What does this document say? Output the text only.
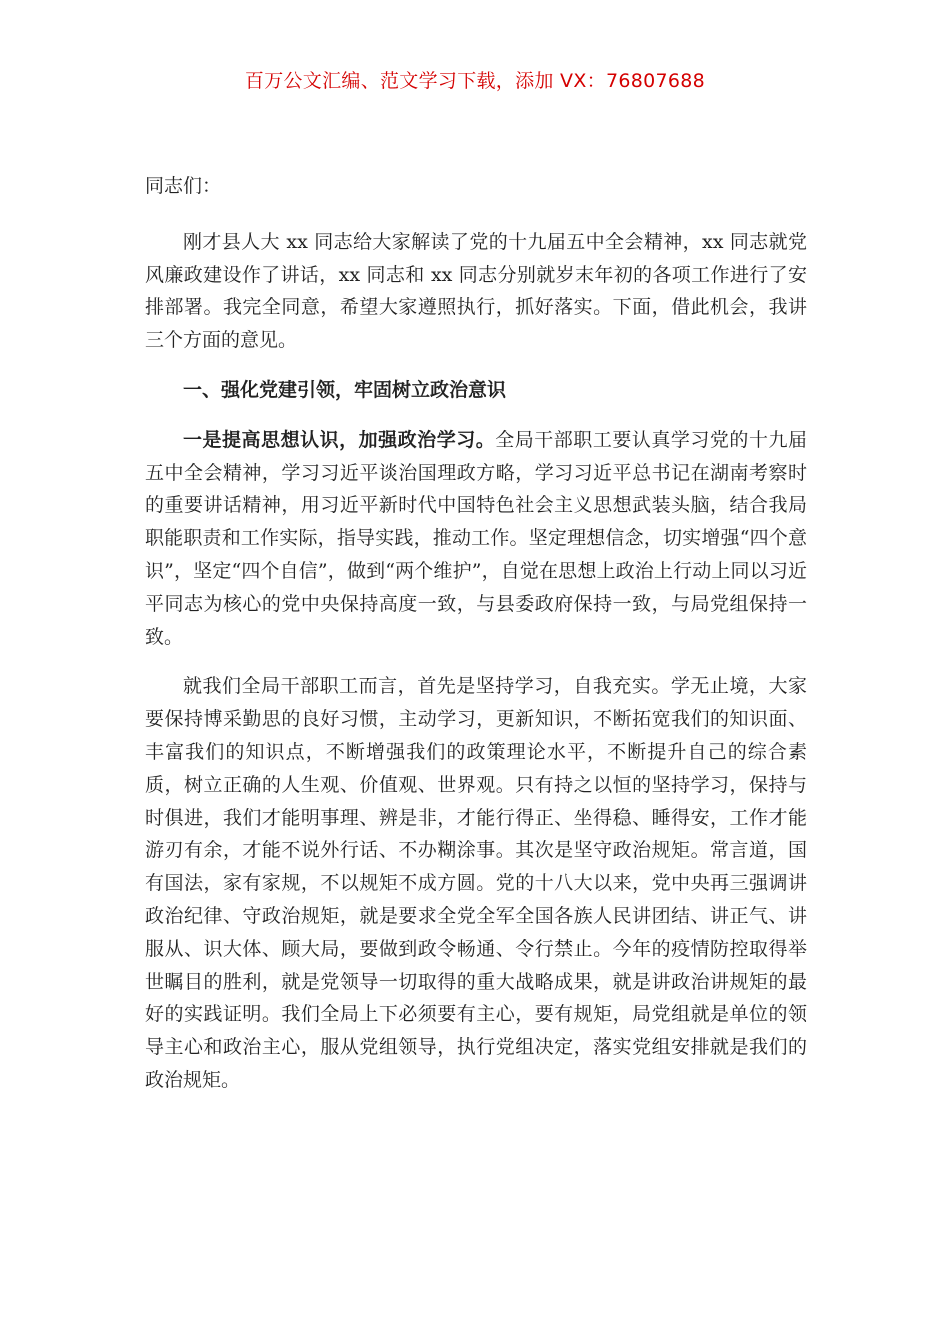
百万公文汇编、范文学习下载，添加 VX：76807688

同志们：

刚才县人大 xx 同志给大家解读了党的十九届五中全会精神，xx 同志就党风廉政建设作了讲话，xx 同志和 xx 同志分别就岁末年初的各项工作进行了安排部署。我完全同意，希望大家遵照执行，抓好落实。下面，借此机会，我讲三个方面的意见。

一、强化党建引领，牢固树立政治意识

一是提高思想认识，加强政治学习。全局干部职工要认真学习党的十九届五中全会精神，学习习近平谈治国理政方略，学习习近平总书记在湖南考察时的重要讲话精神，用习近平新时代中国特色社会主义思想武装头脑，结合我局职能职责和工作实际，指导实践，推动工作。坚定理想信念，切实增强“四个意识”，坚定“四个自信”，做到“两个维护”，自觉在思想上政治上行动上同以习近平同志为核心的党中央保持高度一致，与县委政府保持一致，与局党组保持一致。

就我们全局干部职工而言，首先是坚持学习，自我充实。学无止境，大家要保持博采勤思的良好习惯，主动学习，更新知识，不断拓宽我们的知识面、丰富我们的知识点，不断增强我们的政策理论水平，不断提升自己的综合素质，树立正确的人生观、价值观、世界观。只有持之以恒的坚持学习，保持与时俱进，我们才能明事理、辨是非，才能行得正、坐得稳、睡得安，工作才能游刃有余，才能不说外行话、不办糊涂事。其次是坚守政治规矩。常言道，国有国法，家有家规，不以规矩不成方圆。党的十八大以来，党中央再三强调讲政治纪律、守政治规矩，就是要求全党全军全国各族人民讲团结、讲正气、讲服从、识大体、顾大局，要做到政令畅通、令行禁止。今年的疫情防控取得举世瞩目的胜利，就是党领导一切取得的重大战略成果，就是讲政治讲规矩的最好的实践证明。我们全局上下必须要有主心，要有规矩，局党组就是单位的领导主心和政治主心，服从党组领导，执行党组决定，落实党组安排就是我们的政治规矩。
